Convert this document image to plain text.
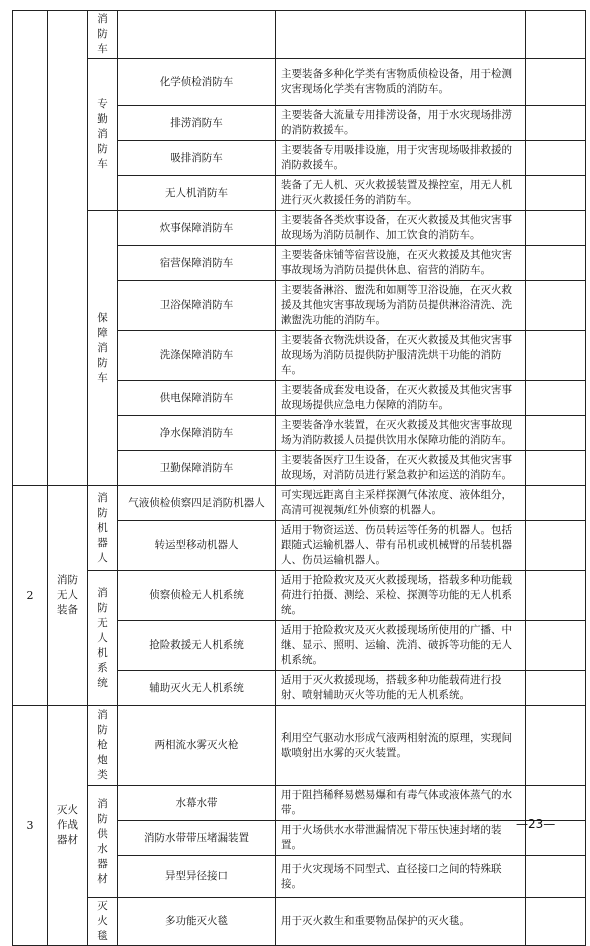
		消防车			
		专勤消防车	化学侦检消防车	主要装备多种化学类有害物质侦检设备，用于检测灾害现场化学类有害物质的消防车。	
			排涝消防车	主要装备大流量专用排涝设备，用于水灾现场排涝的消防救援车。	
			吸排消防车	主要装备专用吸排设施，用于灾害现场吸排救援的消防救援车。	
			无人机消防车	装备了无人机、灭火救援装置及操控室，用无人机进行灭火救援任务的消防车。	
		保障消防车	炊事保障消防车	主要装备各类炊事设备，在灭火救援及其他灾害事故现场为消防员制作、加工饮食的消防车。	
			宿营保障消防车	主要装备床铺等宿营设施，在灭火救援及其他灾害事故现场为消防员提供休息、宿营的消防车。	
			卫浴保障消防车	主要装备淋浴、盥洗和如厕等卫浴设施，在灭火救援及其他灾害事故现场为消防员提供淋浴清洗、洗漱盥洗功能的消防车。	
			洗涤保障消防车	主要装备衣物洗烘设备，在灭火救援及其他灾害事故现场为消防员提供防护服清洗烘干功能的消防车。	
			供电保障消防车	主要装备成套发电设备，在灭火救援及其他灾害事故现场提供应急电力保障的消防车。	
			净水保障消防车	主要装备净水装置，在灭火救援及其他灾害事故现场为消防救援人员提供饮用水保障功能的消防车。	
			卫勤保障消防车	主要装备医疗卫生设备，在灭火救援及其他灾害事故现场，对消防员进行紧急救护和运送的消防车。	
2	消防无人装备	消防机器人	气液侦检侦察四足消防机器人	可实现远距离自主采样探测气体浓度、液体组分，高清可视视频/红外侦察的机器人。	
			转运型移动机器人	适用于物资运送、伤员转运等任务的机器人。包括跟随式运输机器人、带有吊机或机械臂的吊装机器人、伤员运输机器人。	
		消防无人机系统	侦察侦检无人机系统	适用于抢险救灾及灭火救援现场，搭载多种功能载荷进行拍摄、测绘、采检、探测等功能的无人机系统。	
			抢险救援无人机系统	适用于抢险救灾及灭火救援现场所使用的广播、中继、显示、照明、运输、洗消、破拆等功能的无人机系统。	
			辅助灭火无人机系统	适用于灭火救援现场，搭载多种功能载荷进行投射、喷射辅助灭火等功能的无人机系统。	
3	灭火作战器材	消防枪炮类	两相流水雾灭火枪	利用空气驱动水形成气液两相射流的原理，实现间歇喷射出水雾的灭火装置。	
		消防供水器材	水幕水带	用于阻挡稀释易燃易爆和有毒气体或液体蒸气的水带。	
			消防水带带压堵漏装置	用于火场供水水带泄漏情况下带压快速封堵的装置。	
			异型异径接口	用于火灾现场不同型式、直径接口之间的特殊联接。	
		灭火毯	多功能灭火毯	用于灭火救生和重要物品保护的灭火毯。	
—23—
